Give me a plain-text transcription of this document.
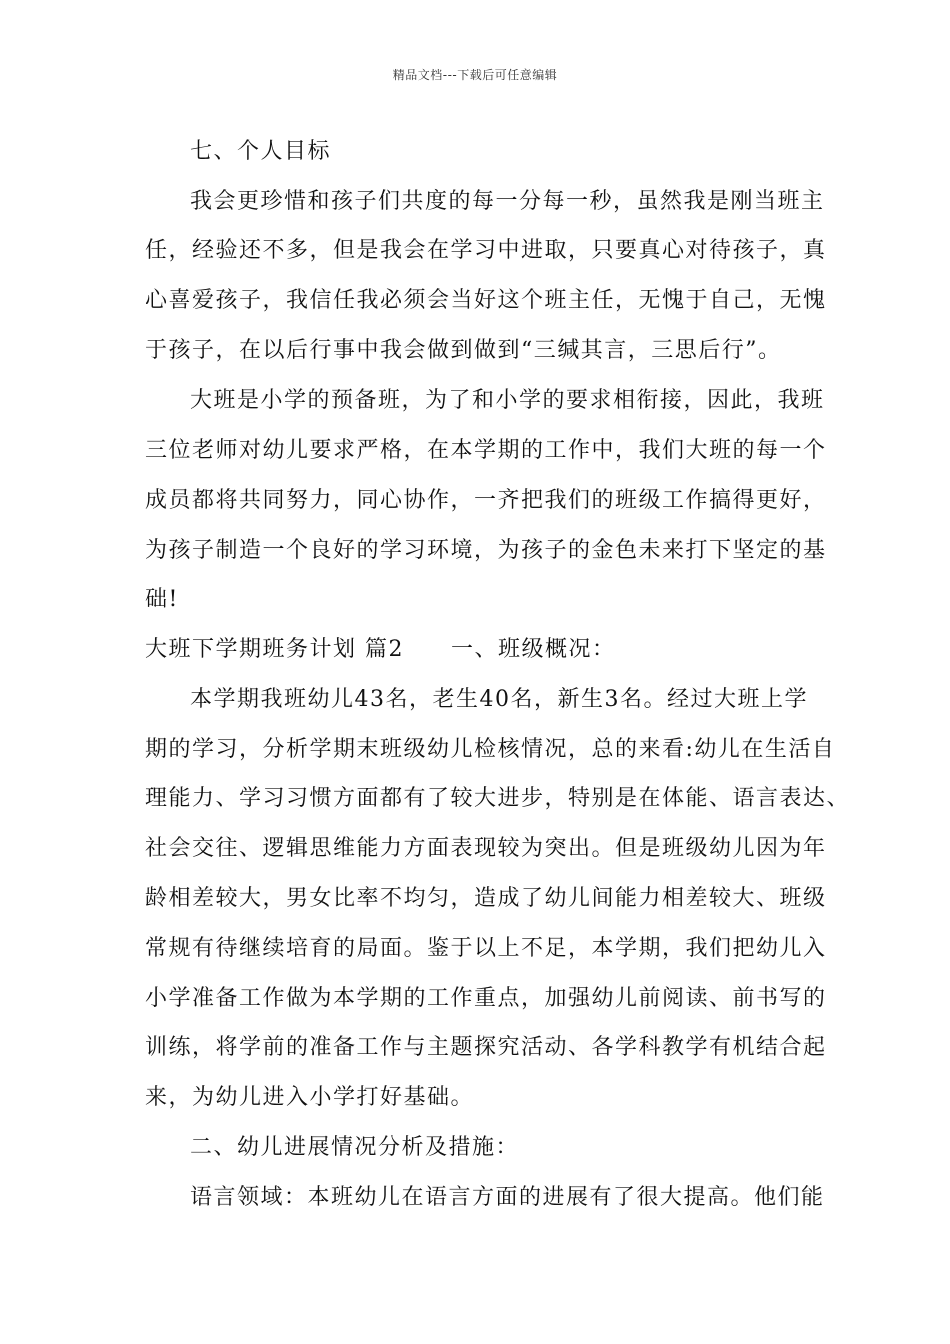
精品文档---下载后可任意编辑
七、个人目标
我会更珍惜和孩子们共度的每一分每一秒，虽然我是刚当班主
任，经验还不多，但是我会在学习中进取，只要真心对待孩子，真
心喜爱孩子，我信任我必须会当好这个班主任，无愧于自己，无愧
于孩子，在以后行事中我会做到做到“三缄其言，三思后行”。
大班是小学的预备班，为了和小学的要求相衔接，因此，我班
三位老师对幼儿要求严格，在本学期的工作中，我们大班的每一个
成员都将共同努力，同心协作，一齐把我们的班级工作搞得更好，
为孩子制造一个良好的学习环境，为孩子的金色未来打下坚定的基
础!
大班下学期班务计划 篇2　　一、班级概况：
本学期我班幼儿43名，老生40名，新生3名。经过大班上学
期的学习，分析学期末班级幼儿检核情况，总的来看:幼儿在生活自
理能力、学习习惯方面都有了较大进步，特别是在体能、语言表达、
社会交往、逻辑思维能力方面表现较为突出。但是班级幼儿因为年
龄相差较大，男女比率不均匀，造成了幼儿间能力相差较大、班级
常规有待继续培育的局面。鉴于以上不足，本学期，我们把幼儿入
小学准备工作做为本学期的工作重点，加强幼儿前阅读、前书写的
训练，将学前的准备工作与主题探究活动、各学科教学有机结合起
来，为幼儿进入小学打好基础。
二、幼儿进展情况分析及措施：
语言领域：本班幼儿在语言方面的进展有了很大提高。他们能
